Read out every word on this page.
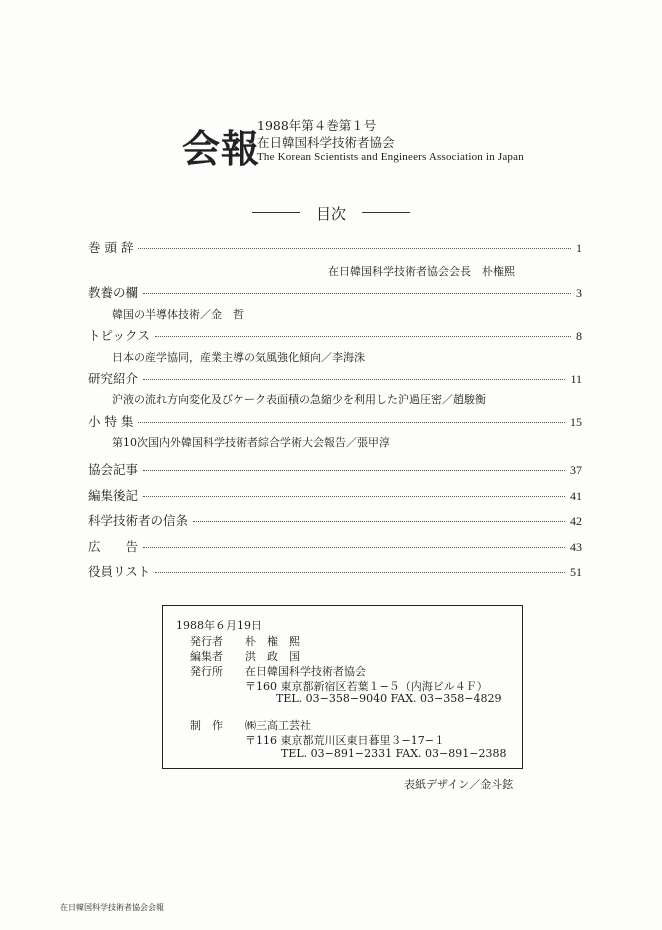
会報
1988年第４巻第１号
在日韓国科学技術者協会
The Korean Scientists and Engineers Association in Japan
目次
巻 頭 辞	1
在日韓国科学技術者協会会長　朴権熙
教養の欄	3
韓国の半導体技術／金　哲
トピックス	8
日本の産学協同，産業主導の気風強化傾向／李海洙
研究紹介	11
沪液の流れ方向変化及びケーク表面積の急縮少を利用した沪過圧密／趙駿衡
小 特 集	15
第10次国内外韓国科学技術者綜合学術大会報告／張甲淳
協会記事	37
編集後記	41
科学技術者の信条	42
広　　告	43
役員リスト	51
1988年６月19日
発行者 朴　権　熙
編集者 洪　政　国
発行所 在日韓国科学技術者協会
〒160 東京都新宿区若葉１−５（内海ビル４Ｆ）
TEL. 03−358−9040 FAX. 03−358−4829
制　作 ㈱三高工芸社
〒116 東京都荒川区東日暮里３−17−１
TEL. 03−891−2331 FAX. 03−891−2388
表紙デザイン／金斗鉉
在日韓国科学技術者協会会報
